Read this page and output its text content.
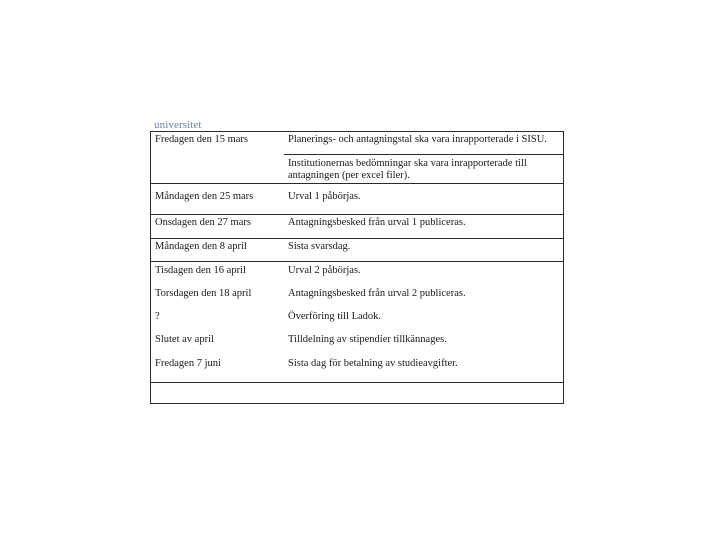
universitet
Fredagen den 15 mars	Planerings- och antagningstal ska vara inrapporterade i SISU.
Institutionernas bedömningar ska vara inrapporterade till antagningen (per excel filer).
Måndagen den 25 mars	Urval 1 påbörjas.
Onsdagen den 27 mars	Antagningsbesked från urval 1 publiceras.
Måndagen den 8 april	Sista svarsdag.
Tisdagen den 16 april	Urval 2 påbörjas.
Torsdagen den 18 april	Antagningsbesked från urval 2 publiceras.
?	Överföring till Ladok.
Slutet av april	Tilldelning av stipendier tillkännages.
Fredagen 7 juni	Sista dag för betalning av studieavgifter.
